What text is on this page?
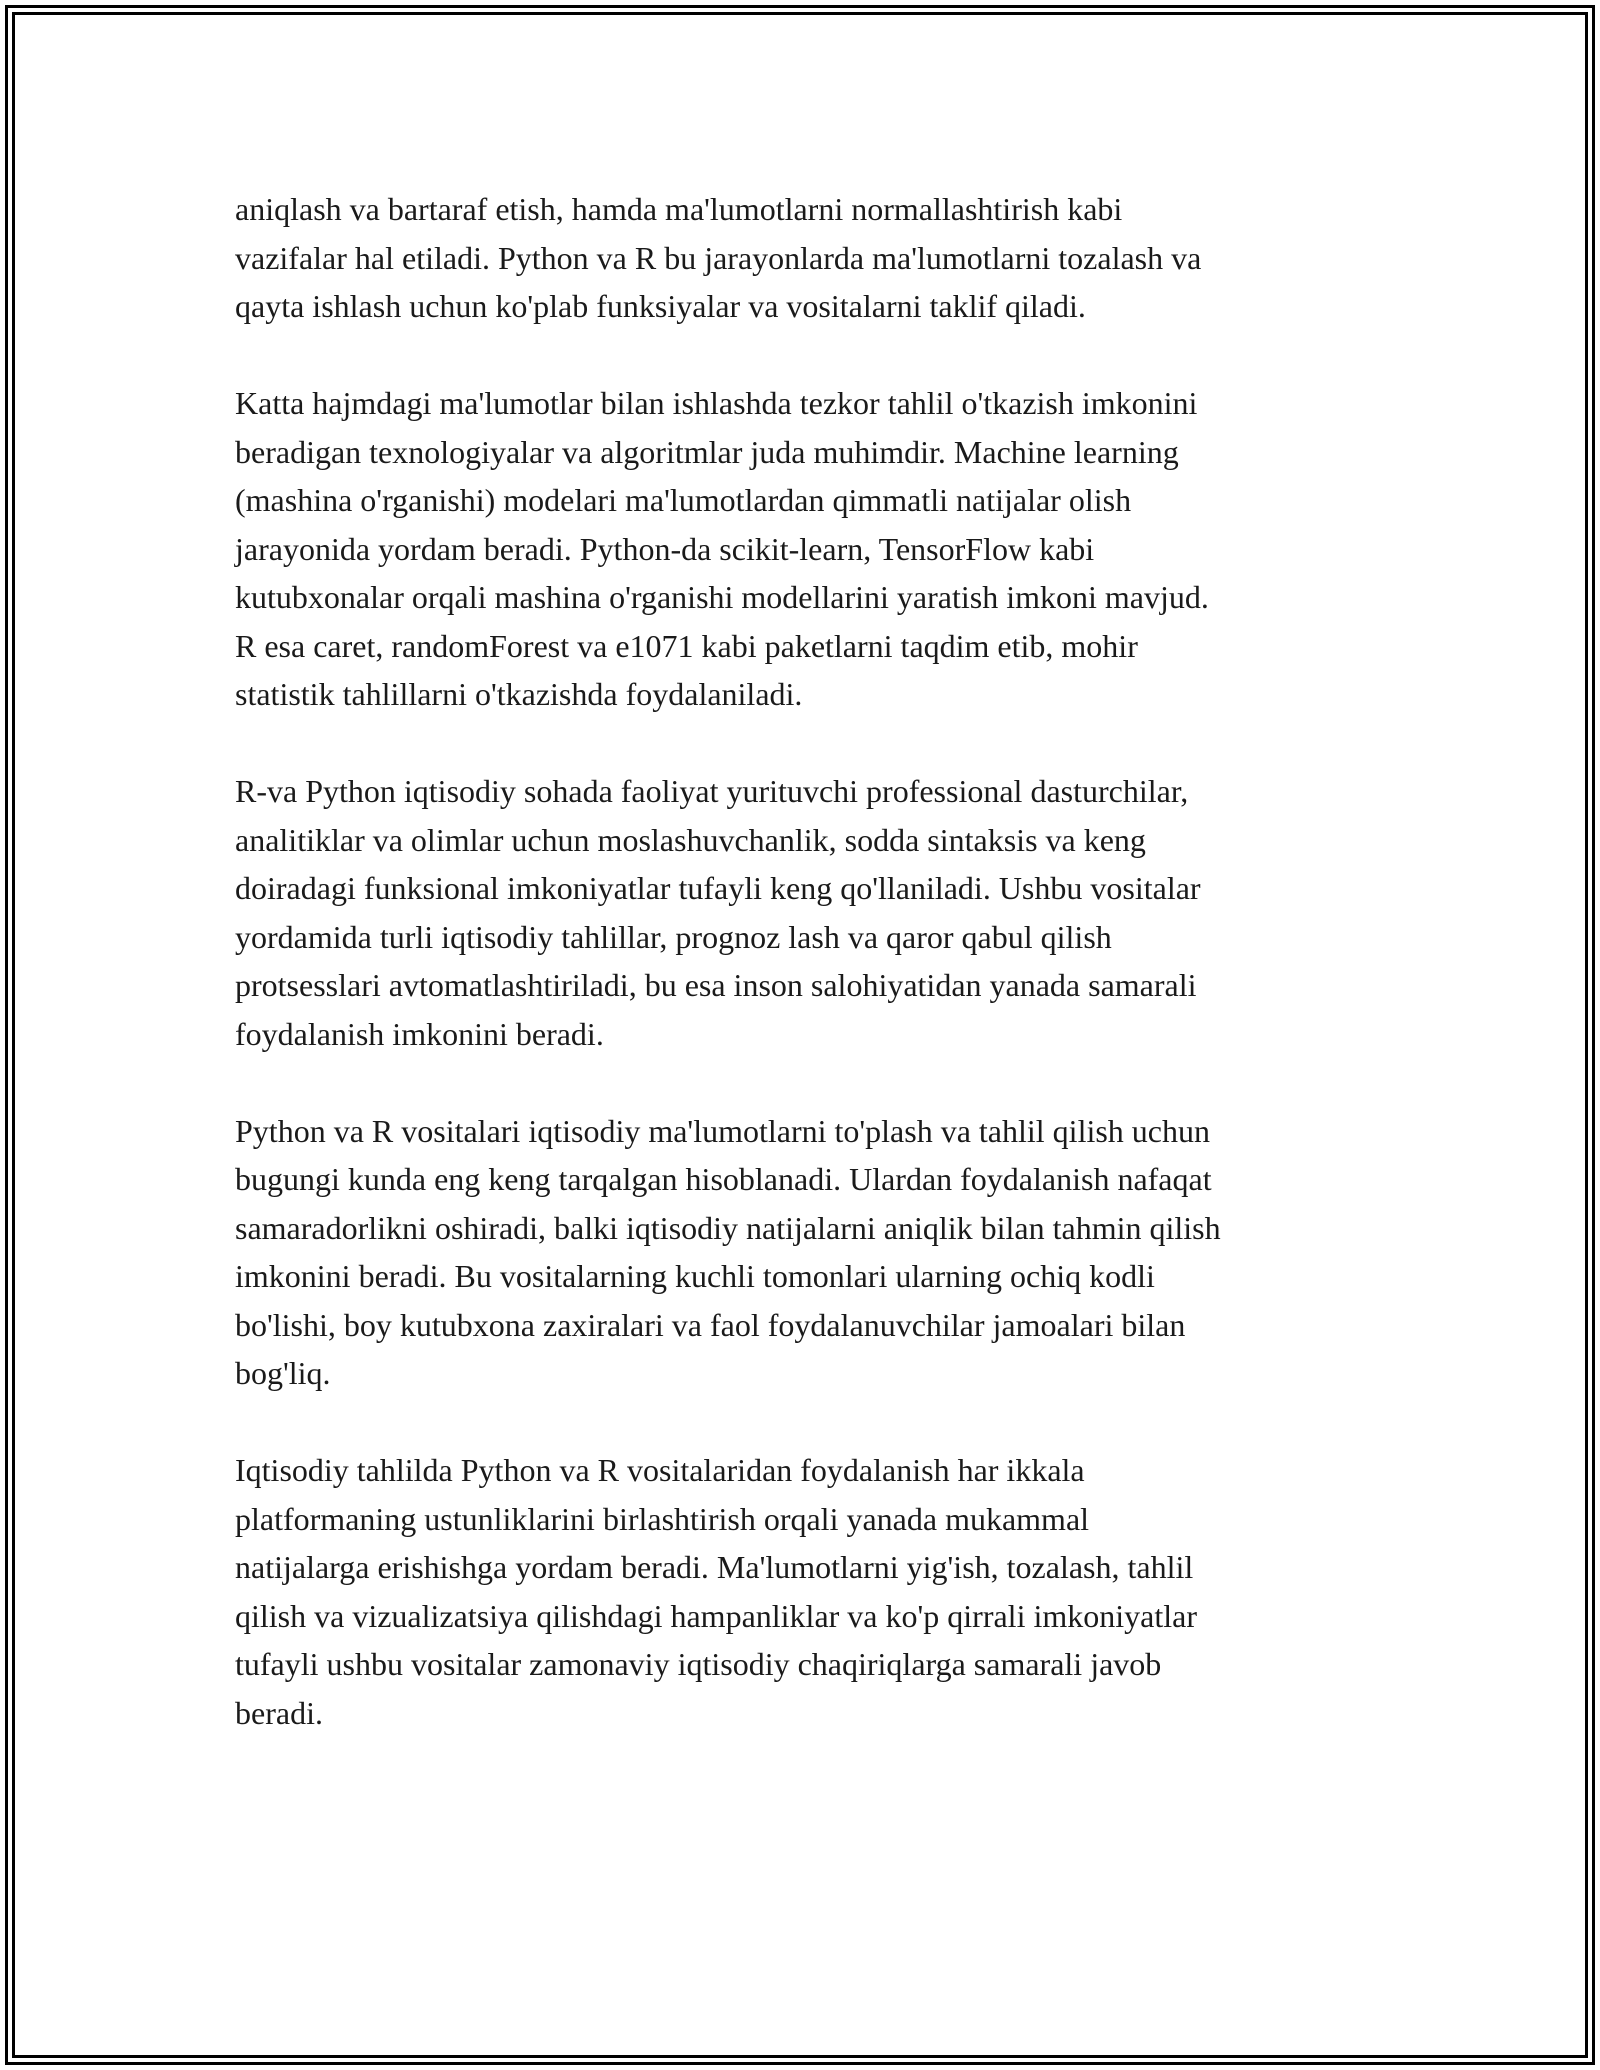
aniqlash va bartaraf etish, hamda ma'lumotlarni normallashtirish kabi
vazifalar hal etiladi. Python va R bu jarayonlarda ma'lumotlarni tozalash va
qayta ishlash uchun ko'plab funksiyalar va vositalarni taklif qiladi.

Katta hajmdagi ma'lumotlar bilan ishlashda tezkor tahlil o'tkazish imkonini
beradigan texnologiyalar va algoritmlar juda muhimdir. Machine learning
(mashina o'rganishi) modelari ma'lumotlardan qimmatli natijalar olish
jarayonida yordam beradi. Python-da scikit-learn, TensorFlow kabi
kutubxonalar orqali mashina o'rganishi modellarini yaratish imkoni mavjud.
R esa caret, randomForest va e1071 kabi paketlarni taqdim etib, mohir
statistik tahlillarni o'tkazishda foydalaniladi.

R-va Python iqtisodiy sohada faoliyat yurituvchi professional dasturchilar,
analitiklar va olimlar uchun moslashuvchanlik, sodda sintaksis va keng
doiradagi funksional imkoniyatlar tufayli keng qo'llaniladi. Ushbu vositalar
yordamida turli iqtisodiy tahlillar, prognoz lash va qaror qabul qilish
protsesslari avtomatlashtiriladi, bu esa inson salohiyatidan yanada samarali
foydalanish imkonini beradi.

Python va R vositalari iqtisodiy ma'lumotlarni to'plash va tahlil qilish uchun
bugungi kunda eng keng tarqalgan hisoblanadi. Ulardan foydalanish nafaqat
samaradorlikni oshiradi, balki iqtisodiy natijalarni aniqlik bilan tahmin qilish
imkonini beradi. Bu vositalarning kuchli tomonlari ularning ochiq kodli
bo'lishi, boy kutubxona zaxiralari va faol foydalanuvchilar jamoalari bilan
bog'liq.

Iqtisodiy tahlilda Python va R vositalaridan foydalanish har ikkala
platformaning ustunliklarini birlashtirish orqali yanada mukammal
natijalarga erishishga yordam beradi. Ma'lumotlarni yig'ish, tozalash, tahlil
qilish va vizualizatsiya qilishdagi hampanliklar va ko'p qirrali imkoniyatlar
tufayli ushbu vositalar zamonaviy iqtisodiy chaqiriqlarga samarali javob
beradi.
